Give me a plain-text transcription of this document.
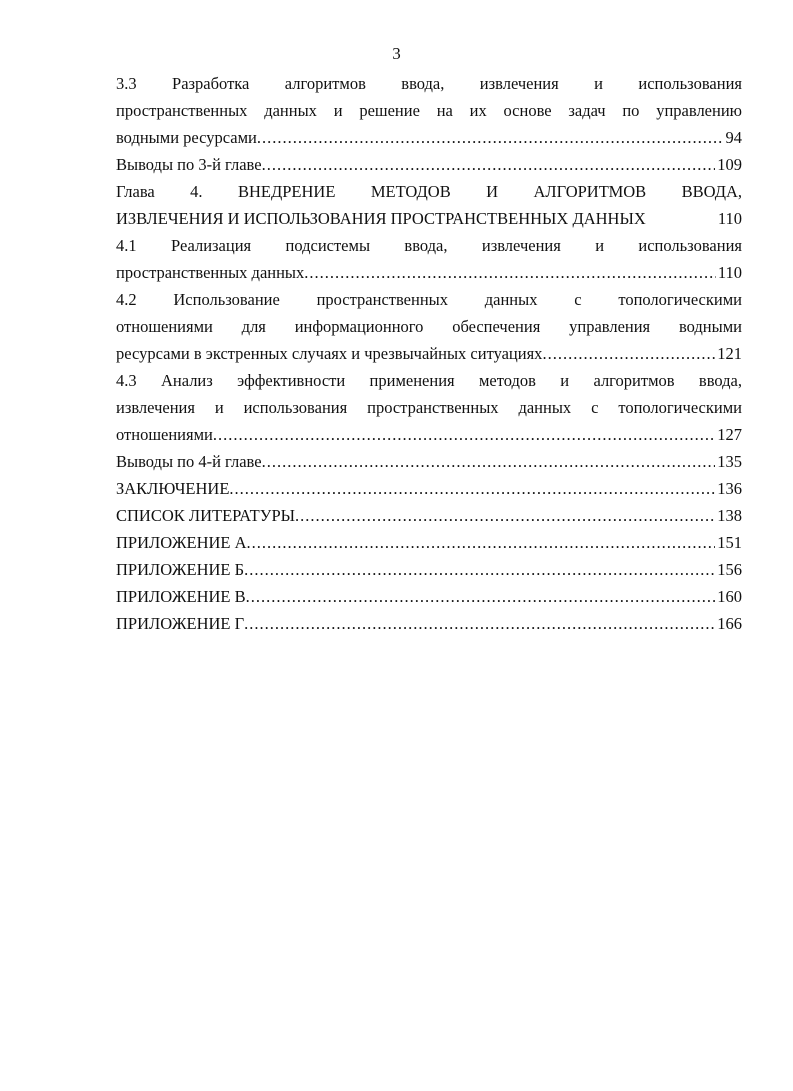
3
3.3 Разработка алгоритмов ввода, извлечения и использования
пространственных данных и решение на их основе задач по управлению
водными ресурсами .....	94
Выводы по 3-й главе .....	109
Глава 4. ВНЕДРЕНИЕ МЕТОДОВ И АЛГОРИТМОВ ВВОДА,
ИЗВЛЕЧЕНИЯ И ИСПОЛЬЗОВАНИЯ ПРОСТРАНСТВЕННЫХ ДАННЫХ	110
4.1 Реализация подсистемы ввода, извлечения и использования
пространственных данных .....	110
4.2 Использование пространственных данных с топологическими
отношениями для информационного обеспечения управления водными
ресурсами в экстренных случаях и чрезвычайных ситуациях .....	121
4.3 Анализ эффективности применения методов и алгоритмов ввода,
извлечения и использования пространственных данных с топологическими
отношениями .....	127
Выводы по 4-й главе .....	135
ЗАКЛЮЧЕНИЕ .....	136
СПИСОК ЛИТЕРАТУРЫ .....	138
ПРИЛОЖЕНИЕ А .....	151
ПРИЛОЖЕНИЕ Б .....	156
ПРИЛОЖЕНИЕ В .....	160
ПРИЛОЖЕНИЕ Г .....	166
